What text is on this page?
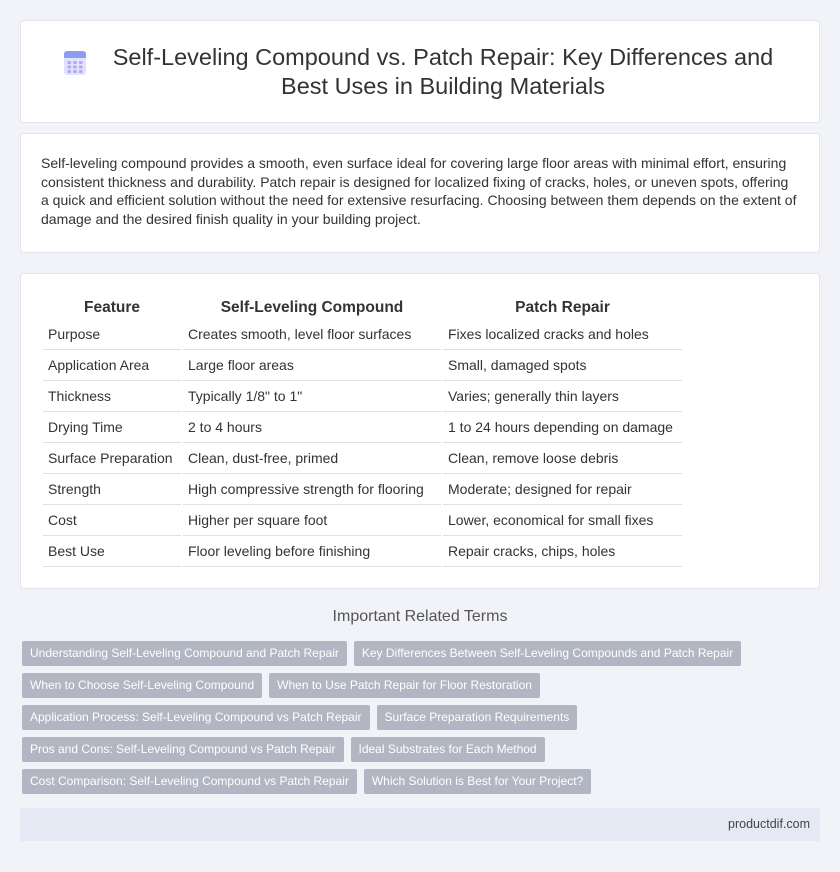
Self-Leveling Compound vs. Patch Repair: Key Differences and Best Uses in Building Materials

Self-leveling compound provides a smooth, even surface ideal for covering large floor areas with minimal effort, ensuring consistent thickness and durability. Patch repair is designed for localized fixing of cracks, holes, or uneven spots, offering a quick and efficient solution without the need for extensive resurfacing. Choosing between them depends on the extent of damage and the desired finish quality in your building project.

Feature	Self-Leveling Compound	Patch Repair
Purpose	Creates smooth, level floor surfaces	Fixes localized cracks and holes
Application Area	Large floor areas	Small, damaged spots
Thickness	Typically 1/8" to 1"	Varies; generally thin layers
Drying Time	2 to 4 hours	1 to 24 hours depending on damage
Surface Preparation	Clean, dust-free, primed	Clean, remove loose debris
Strength	High compressive strength for flooring	Moderate; designed for repair
Cost	Higher per square foot	Lower, economical for small fixes
Best Use	Floor leveling before finishing	Repair cracks, chips, holes
Important Related Terms
Understanding Self-Leveling Compound and Patch Repair	Key Differences Between Self-Leveling Compounds and Patch Repair
When to Choose Self-Leveling Compound	When to Use Patch Repair for Floor Restoration
Application Process: Self-Leveling Compound vs Patch Repair	Surface Preparation Requirements
Pros and Cons: Self-Leveling Compound vs Patch Repair	Ideal Substrates for Each Method
Cost Comparison: Self-Leveling Compound vs Patch Repair	Which Solution is Best for Your Project?
productdif.com
